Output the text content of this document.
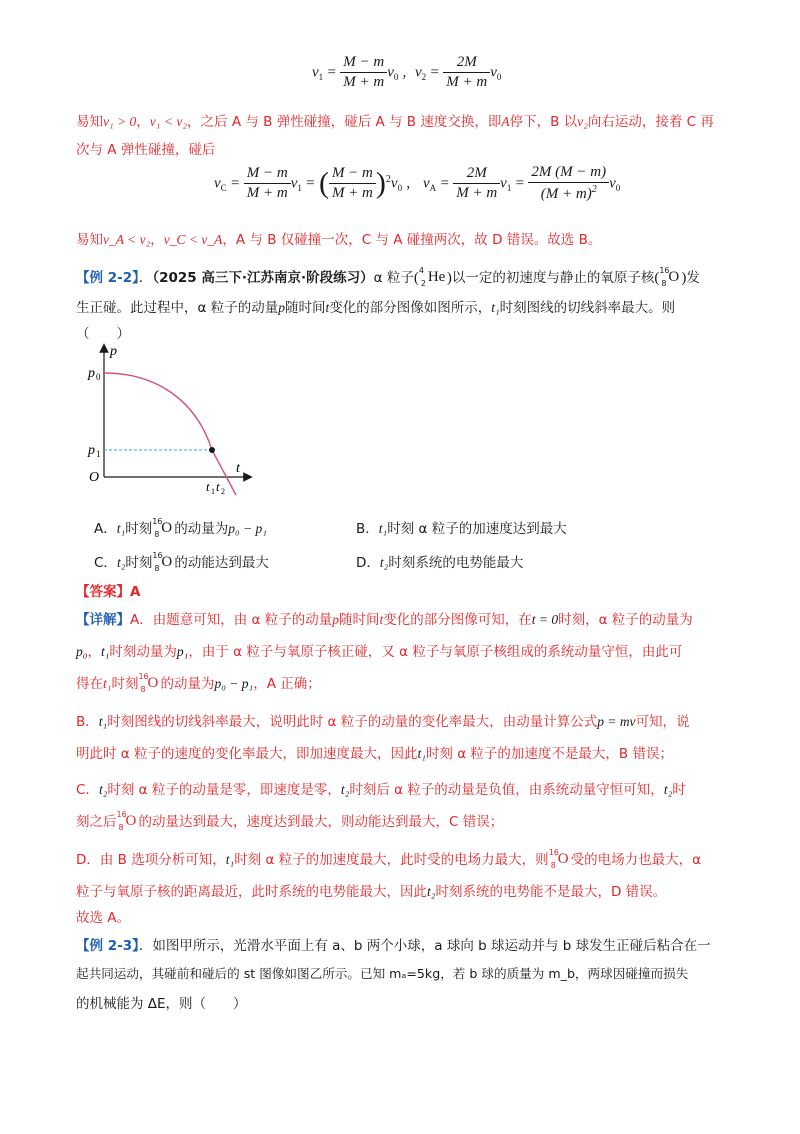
$v_1 = \frac{M - m}{M + m} v_0$ , $v_2 = \frac{2M}{M + m} v_0$
易知v₁ > 0，v₁ < v₂，之后 A 与 B 弹性碰撞，碰后 A 与 B 速度交换，即A停下，B 以v₂向右运动，接着 C 再
次与 A 弹性碰撞，碰后
$v_C = \frac{M - m}{M + m} v_1$ = ( $\frac{M - m}{M + m} )^2v_0$ , $v_A = \frac{2M}{M + m} v_1 = \frac{2M (M - m)}{(M + m)^2} v_0$
易知v_A < v₂，v_C < v_A，A 与 B 仅碰撞一次，C 与 A 碰撞两次，故 D 错误。故选 B。
【例 2-2】．（2025 高三下·江苏南京·阶段练习）α 粒子( 4
2 He )以一定的初速度与静止的氧原子核( 16
8 O )发
生正碰。此过程中，α 粒子的动量p随时间t变化的部分图像如图所示，t₁时刻图线的切线斜率最大。则
（　　）
p
t
p 0
p 1
O
t 1 t 2
A．t₁时刻 16
8 O 的动量为p₀ − p₁	B．t₁时刻 α 粒子的加速度达到最大
C．t₂时刻 16
8 O 的动能达到最大	D．t₂时刻系统的电势能最大
【答案】A
【详解】A．由题意可知，由 α 粒子的动量p随时间t变化的部分图像可知，在t = 0时刻，α 粒子的动量为
p₀，t₁时刻动量为p₁，由于 α 粒子与氧原子核正碰，又 α 粒子与氧原子核组成的系统动量守恒，由此可
得在t₁时刻 16
8 O 的动量为p₀ − p₁，A 正确；
B．t₁时刻图线的切线斜率最大，说明此时 α 粒子的动量的变化率最大，由动量计算公式p = mv可知，说
明此时 α 粒子的速度的变化率最大，即加速度最大，因此t₁时刻 α 粒子的加速度不是最大，B 错误；
C．t₂时刻 α 粒子的动量是零，即速度是零，t₂时刻后 α 粒子的动量是负值，由系统动量守恒可知，t₂时
刻之后 16
8 O 的动量达到最大，速度达到最大，则动能达到最大，C 错误；
D．由 B 选项分析可知，t₁时刻 α 粒子的加速度最大，此时受的电场力最大，则 16
8 O 受的电场力也最大，α
粒子与氧原子核的距离最近，此时系统的电势能最大，因此t₂时刻系统的电势能不是最大，D 错误。
故选 A。
【例 2-3】．如图甲所示，光滑水平面上有 a、b 两个小球，a 球向 b 球运动并与 b 球发生正碰后粘合在一
起共同运动，其碰前和碰后的 st 图像如图乙所示。已知 mₐ=5kg，若 b 球的质量为 m_b，两球因碰撞而损失
的机械能为 ΔE，则（　　）
